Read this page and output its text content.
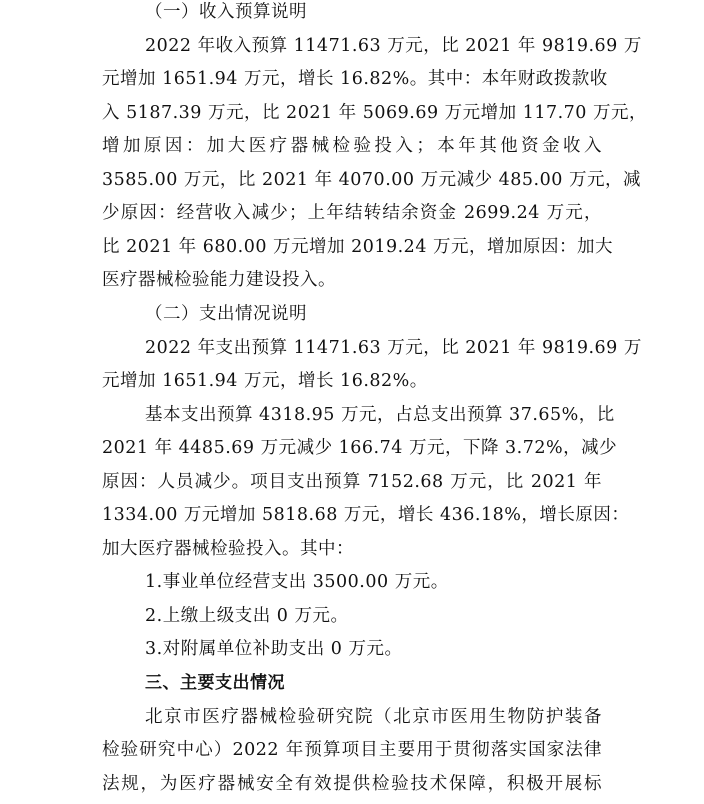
（一）收入预算说明
2022 年收入预算 11471.63 万元，比 2021 年 9819.69 万
元增加 1651.94 万元，增长 16.82%。其中：本年财政拨款收
入 5187.39 万元，比 2021 年 5069.69 万元增加 117.70 万元，
增加原因：加大医疗器械检验投入；本年其他资金收入
3585.00 万元，比 2021 年 4070.00 万元减少 485.00 万元，减
少原因：经营收入减少；上年结转结余资金 2699.24 万元，
比 2021 年 680.00 万元增加 2019.24 万元，增加原因：加大
医疗器械检验能力建设投入。
（二）支出情况说明
2022 年支出预算 11471.63 万元，比 2021 年 9819.69 万
元增加 1651.94 万元，增长 16.82%。
基本支出预算 4318.95 万元，占总支出预算 37.65%，比
2021 年 4485.69 万元减少 166.74 万元，下降 3.72%，减少
原因：人员减少。项目支出预算 7152.68 万元，比 2021 年
1334.00 万元增加 5818.68 万元，增长 436.18%，增长原因：
加大医疗器械检验投入。其中：
1.事业单位经营支出 3500.00 万元。
2.上缴上级支出 0 万元。
3.对附属单位补助支出 0 万元。
三、主要支出情况
北京市医疗器械检验研究院（北京市医用生物防护装备
检验研究中心）2022 年预算项目主要用于贯彻落实国家法律
法规，为医疗器械安全有效提供检验技术保障，积极开展标
